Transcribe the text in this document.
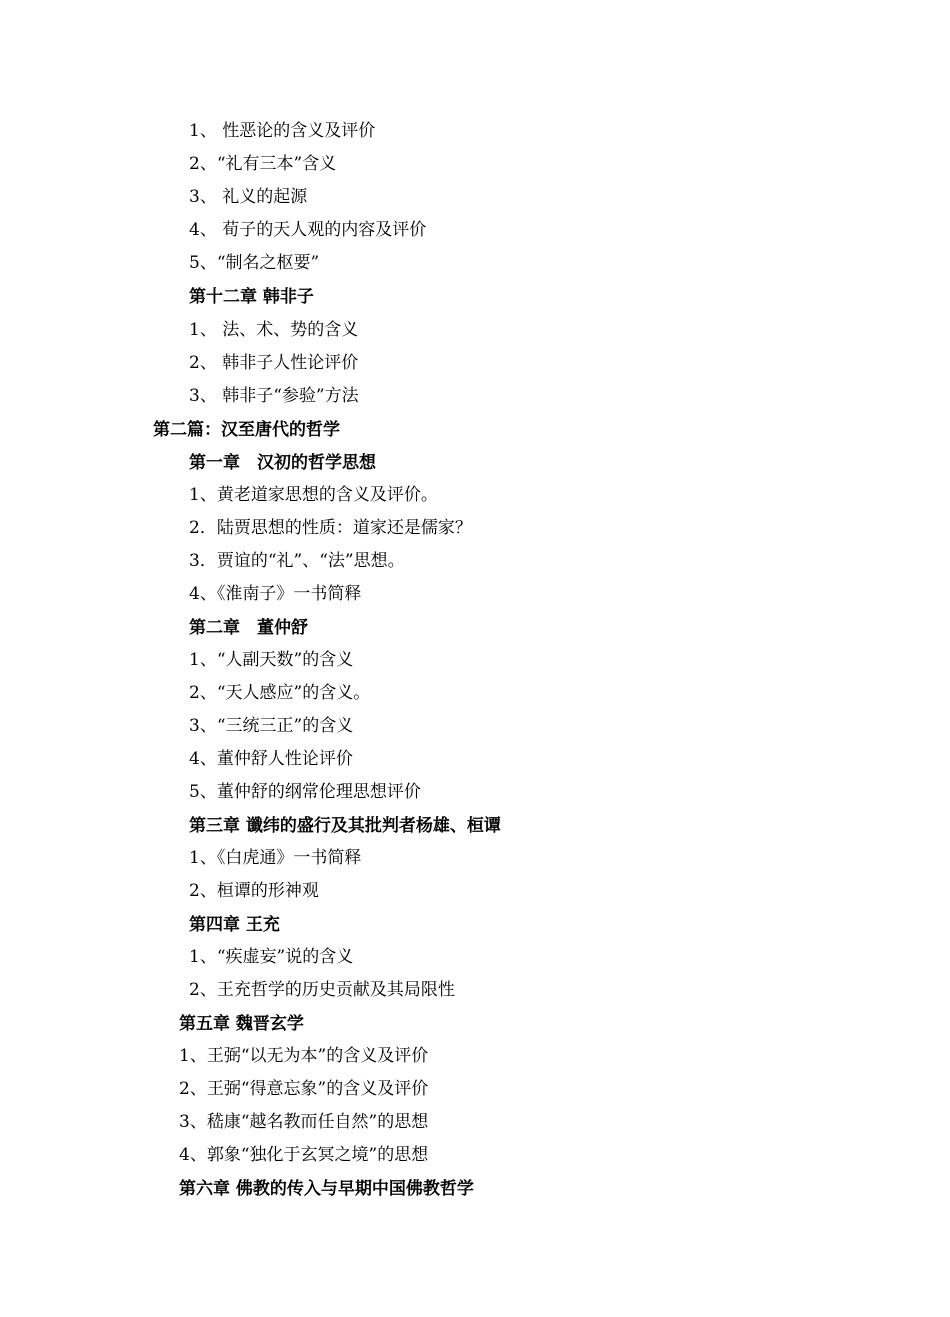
1、 性恶论的含义及评价
2、“礼有三本”含义
3、 礼义的起源
4、 荀子的天人观的内容及评价
5、“制名之枢要”
第十二章 韩非子
1、 法、术、势的含义
2、 韩非子人性论评价
3、 韩非子“参验”方法
第二篇：汉至唐代的哲学
第一章　汉初的哲学思想
1、黄老道家思想的含义及评价。
2．陆贾思想的性质：道家还是儒家？
3．贾谊的“礼”、“法”思想。
4、《淮南子》一书简释
第二章　董仲舒
1、“人副天数”的含义
2、“天人感应”的含义。
3、“三统三正”的含义
4、董仲舒人性论评价
5、董仲舒的纲常伦理思想评价
第三章 谶纬的盛行及其批判者杨雄、桓谭
1、《白虎通》一书简释
2、桓谭的形神观
第四章 王充
1、“疾虚妄”说的含义
2、王充哲学的历史贡献及其局限性
第五章 魏晋玄学
1、王弼“以无为本”的含义及评价
2、王弼“得意忘象”的含义及评价
3、嵇康“越名教而任自然”的思想
4、郭象“独化于玄冥之境”的思想
第六章 佛教的传入与早期中国佛教哲学
